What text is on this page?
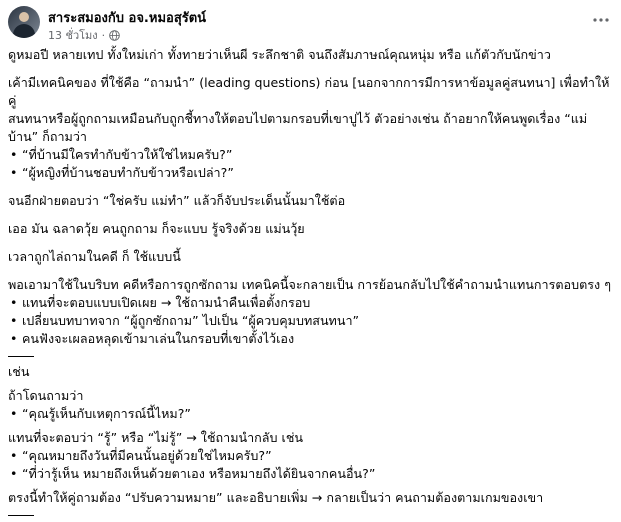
สาระสมองกับ อจ.หมอสุรัตน์
13 ชั่วโมง ·

ดูหมอปี หลายเทป ทั้งใหม่เก่า ทั้งทายว่าเห็นผี ระลึกชาติ จนถึงสัมภาษณ์คุณหนุ่ม หรือ แก้ตัวกับนักข่าว

เค้ามีเทคนิคของ ที่ใช้คือ “ถามนำ” (leading questions) ก่อน [นอกจากการมีการหาข้อมูลคู่สนทนา] เพื่อทำให้คู่

สนทนาหรือผู้ถูกถามเหมือนกับถูกชี้ทางให้ตอบไปตามกรอบที่เขาปูไว้ ตัวอย่างเช่น ถ้าอยากให้คนพูดเรื่อง “แม่

บ้าน” ก็ถามว่า

• “ที่บ้านมีใครทำกับข้าวให้ใช่ไหมครับ?”
• “ผู้หญิงที่บ้านชอบทำกับข้าวหรือเปล่า?”

จนอีกฝ่ายตอบว่า “ใช่ครับ แม่ทำ” แล้วก็จับประเด็นนั้นมาใช้ต่อ

เออ มัน ฉลาดวุ้ย คนถูกถาม ก็จะแบบ รู้จริงด้วย แม่นวุ้ย

เวลาถูกไล่ถามในคดี ก็ ใช้แบบนี้

พอเอามาใช้ในบริบท คดีหรือการถูกซักถาม เทคนิคนี้จะกลายเป็น การย้อนกลับไปใช้คำถามนำแทนการตอบตรง ๆ

• แทนที่จะตอบแบบเปิดเผย → ใช้ถามนำคืนเพื่อตั้งกรอบ
• เปลี่ยนบทบาทจาก “ผู้ถูกซักถาม” ไปเป็น “ผู้ควบคุมบทสนทนา”
• คนฟังจะเผลอหลุดเข้ามาเล่นในกรอบที่เขาตั้งไว้เอง

เช่น

ถ้าโดนถามว่า

• “คุณรู้เห็นกับเหตุการณ์นี้ไหม?”

แทนที่จะตอบว่า “รู้” หรือ “ไม่รู้” → ใช้ถามนำกลับ เช่น

• “คุณหมายถึงวันที่มีคนนั้นอยู่ด้วยใช่ไหมครับ?”
• “ที่ว่ารู้เห็น หมายถึงเห็นด้วยตาเอง หรือหมายถึงได้ยินจากคนอื่น?”

ตรงนี้ทำให้คู่ถามต้อง “ปรับความหมาย” และอธิบายเพิ่ม → กลายเป็นว่า คนถามต้องตามเกมของเขา
